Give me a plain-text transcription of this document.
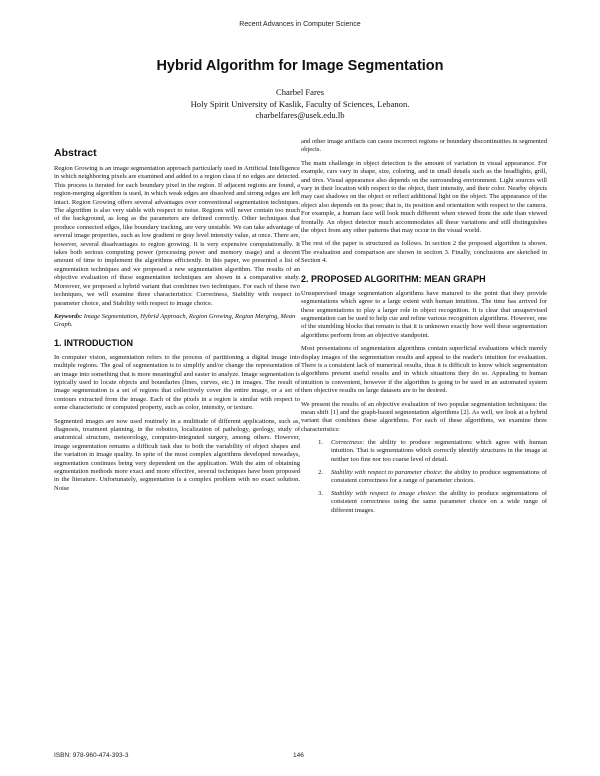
Recent Advances in Computer Science
Hybrid Algorithm for Image Segmentation
Charbel Fares
Holy Spirit University of Kaslik, Faculty of Sciences, Lebanon.
charbelfares@usek.edu.lb
Abstract

Region Growing is an image segmentation approach particularly used in Artificial Intelligence in which neighboring pixels are examined and added to a region class if no edges are detected. This process is iterated for each boundary pixel in the region. If adjacent regions are found, a region-merging algorithm is used, in which weak edges are dissolved and strong edges are left intact. Region Growing offers several advantages over conventional segmentation techniques. The algorithm is also very stable with respect to noise. Regions will never contain too much of the background, as long as the parameters are defined correctly. Other techniques that produce connected edges, like boundary tracking, are very unstable. We can take advantage of several image properties, such as low gradient or gray level intensity value, at once. There are, however, several disadvantages to region growing. It is very expensive computationally. It takes both serious computing power (processing power and memory usage) and a decent amount of time to implement the algorithms efficiently. In this paper, we presented a list of segmentation techniques and we proposed a new segmentation algorithm. The results of an objective evaluation of these segmentation techniques are shown in a comparative study. Moreover, we proposed a hybrid variant that combines two techniques. For each of these two techniques, we will examine three characteristics: Correctness, Stability with respect to parameter choice, and Stability with respect to image choice.

Keywords: Image Segmentation, Hybrid Approach, Region Growing, Region Merging, Mean Graph.

1. INTRODUCTION

In computer vision, segmentation refers to the process of partitioning a digital image into multiple regions. The goal of segmentation is to simplify and/or change the representation of an image into something that is more meaningful and easier to analyze. Image segmentation is typically used to locate objects and boundaries (lines, curves, etc.) in images. The result of image segmentation is a set of regions that collectively cover the entire image, or a set of contours extracted from the image. Each of the pixels in a region is similar with respect to some characteristic or computed property, such as color, intensity, or texture.

Segmented images are now used routinely in a multitude of different applications, such as, diagnosis, treatment planning, in the robotics, localization of pathology, geology, study of anatomical structure, meteorology, computer-integrated surgery, among others. However, image segmentation remains a difficult task due to both the variability of object shapes and the variation in image quality. In spite of the most complex algorithms developed nowadays, segmentation continues being very dependent on the application. With the aim of obtaining segmentation methods more exact and more effective, several techniques have been proposed in the literature. Unfortunately, segmentation is a complex problem with no exact solution. Noise

and other image artifacts can cause incorrect regions or boundary discontinuities in segmented objects.

The main challenge in object detection is the amount of variation in visual appearance. For example, cars vary in shape, size, coloring, and in small details such as the headlights, grill, and tires. Visual appearance also depends on the surrounding environment. Light sources will vary in their location with respect to the object, their intensity, and their color. Nearby objects may cast shadows on the object or reflect additional light on the object. The appearance of the object also depends on its pose; that is, its position and orientation with respect to the camera. For example, a human face will look much different when viewed from the side than viewed frontally. An object detector much accommodates all these variations and still distinguishes the object from any other patterns that may occur in the visual world.

The rest of the paper is structured as follows. In section 2 the proposed algorithm is shown. The evaluation and comparison are shown in section 3. Finally, conclusions are sketched in Section 4.

2. PROPOSED ALGORITHM: MEAN GRAPH

Unsupervised image segmentation algorithms have matured to the point that they provide segmentations which agree to a large extent with human intuition. The time has arrived for these segmentations to play a larger role in object recognition. It is clear that unsupervised segmentation can be used to help cue and refine various recognition algorithms. However, one of the stumbling blocks that remain is that it is unknown exactly how well these segmentation algorithms perform from an objective standpoint.

Most presentations of segmentation algorithms contain superficial evaluations which merely display images of the segmentation results and appeal to the reader's intuition for evaluation. There is a consistent lack of numerical results, thus it is difficult to know which segmentation algorithms present useful results and in which situations they do so. Appealing to human intuition is convenient, however if the algorithm is going to be used in an automated system then objective results on large datasets are to be desired.

We present the results of an objective evaluation of two popular segmentation techniques: the mean shift [1] and the graph-based segmentation algorithms [2]. As well, we look at a hybrid variant that combines these algorithms. For each of these algorithms, we examine three characteristics:

1.	Correctness: the ability to produce segmentations which agree with human intuition. That is segmentations which correctly identify structures in the image at neither too fine nor too coarse level of detail.
2.	Stability with respect to parameter choice: the ability to produce segmentations of consistent correctness for a range of parameter choices.
3.	Stability with respect to image choice: the ability to produce segmentations of consistent correctness using the same parameter choice on a wide range of different images.
ISBN: 978-960-474-393-3	146
